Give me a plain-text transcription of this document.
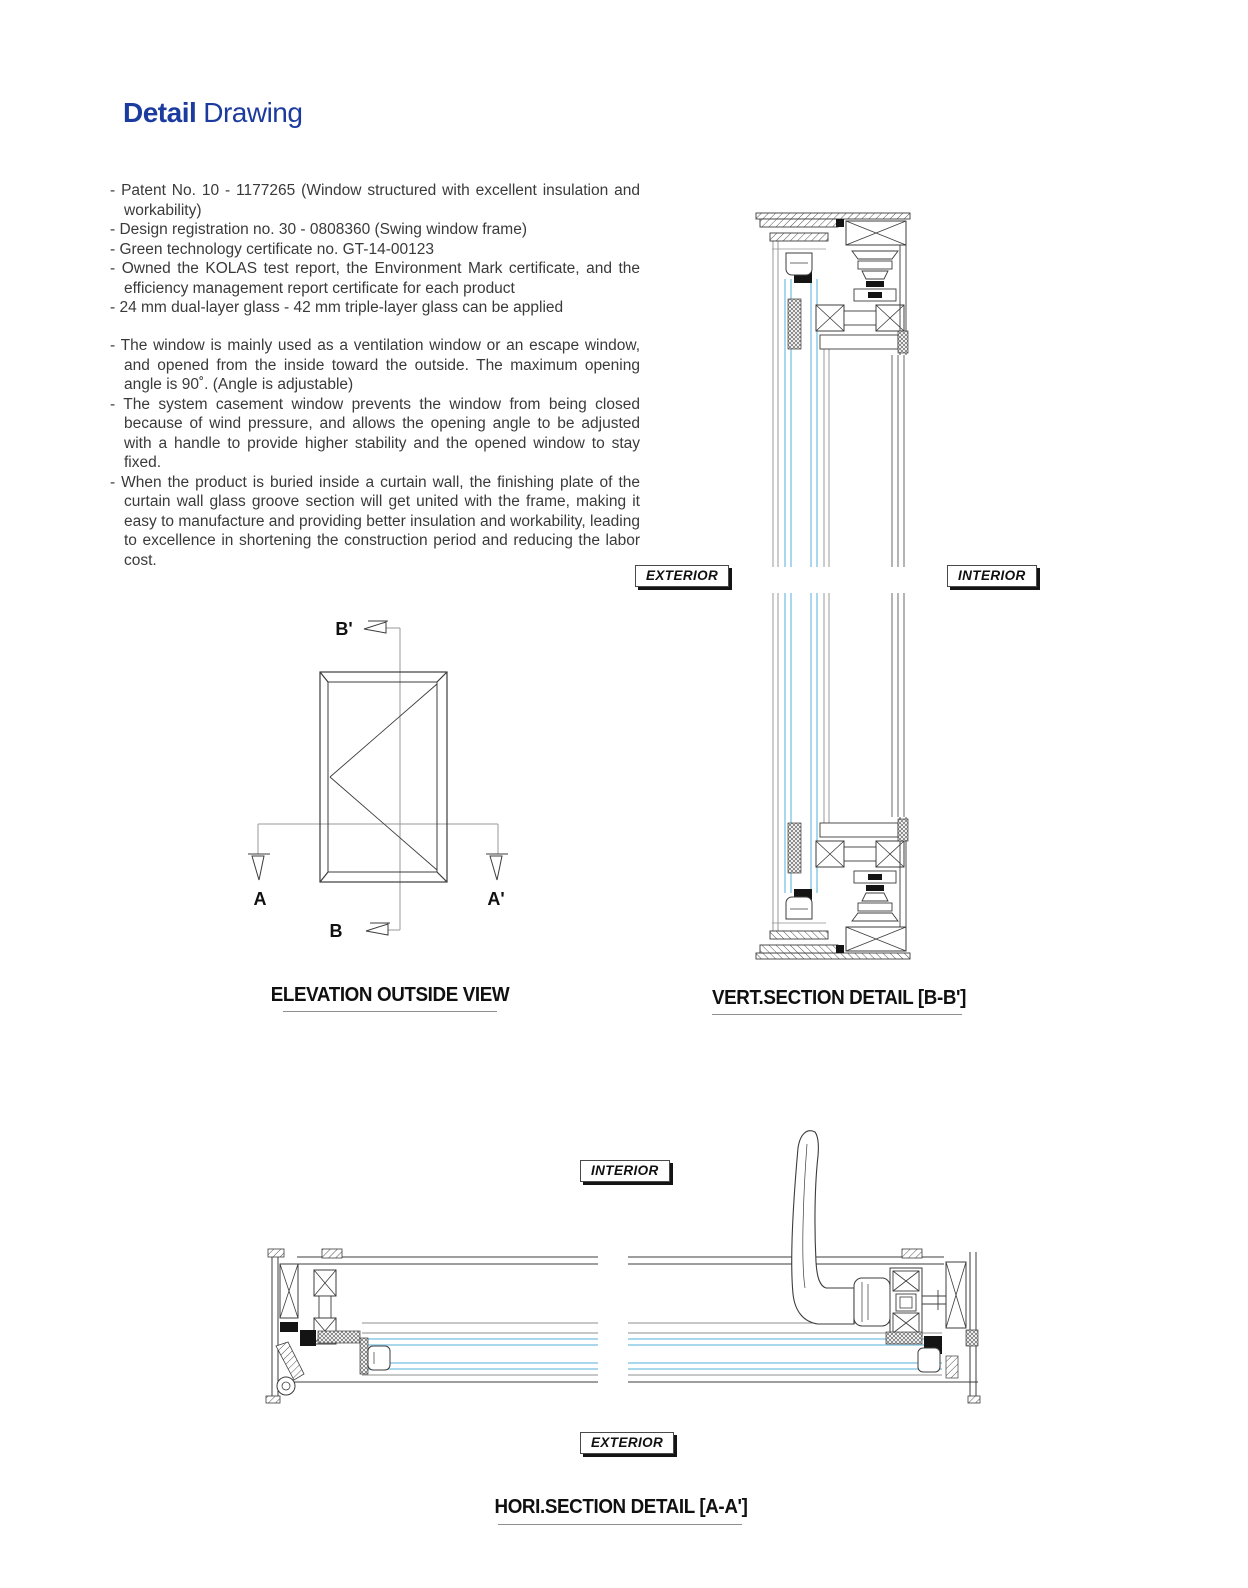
Detail Drawing

- Patent No. 10 - 1177265 (Window structured with excellent insulation and workability)

- Design registration no. 30 - 0808360 (Swing window frame)

- Green technology certificate no. GT-14-00123

- Owned the KOLAS test report, the Environment Mark certificate, and the efficiency management report certificate for each product

- 24 mm dual-layer glass - 42 mm triple-layer glass can be applied

- The window is mainly used as a ventilation window or an escape window, and opened from the inside toward the outside. The maximum opening angle is 90˚. (Angle is adjustable)

- The system casement window prevents the window from being closed because of wind pressure, and allows the opening angle to be adjusted with a handle to provide higher stability and the opened window to stay fixed.

- When the product is buried inside a curtain wall, the finishing plate of the curtain wall glass groove section will get united with the frame, making it easy to manufacture and providing better insulation and workability, leading to excellence in shortening the construction period and reducing the labor cost.

B'
B
A	A'
EXTERIOR	INTERIOR
INTERIOR
EXTERIOR
ELEVATION OUTSIDE VIEW	VERT.SECTION DETAIL [B-B']
HORI.SECTION DETAIL [A-A']
